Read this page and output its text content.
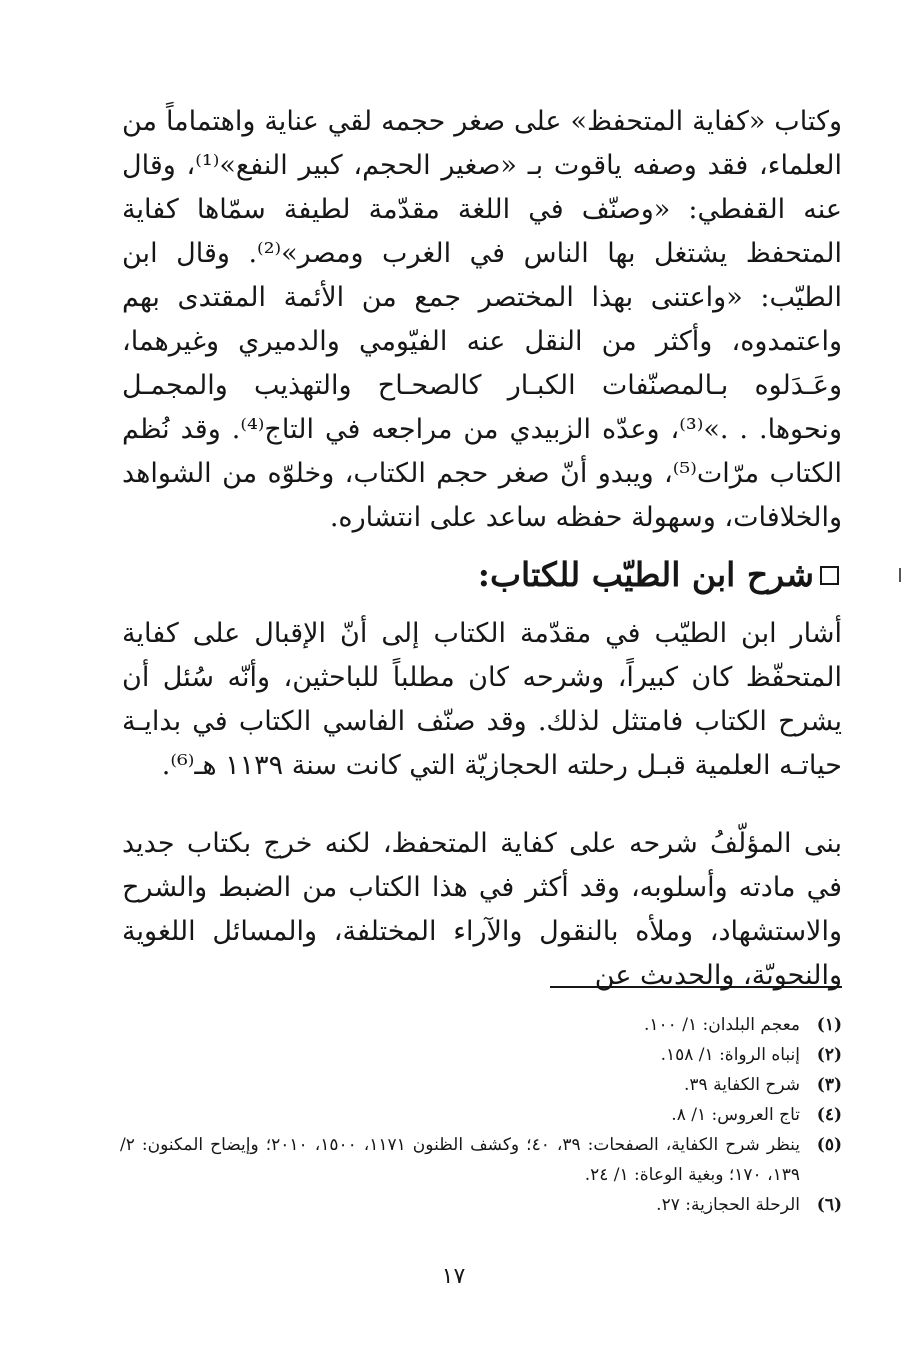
وكتاب «كفاية المتحفظ» على صغر حجمه لقي عناية واهتماماً من العلماء، فقد وصفه ياقوت بـ «صغير الحجم، كبير النفع»⁽¹⁾، وقال عنه القفطي: «وصنّف في اللغة مقدّمة لطيفة سمّاها كفاية المتحفظ يشتغل بها الناس في الغرب ومصر»⁽²⁾. وقال ابن الطيّب: «واعتنى بهذا المختصر جمع من الأئمة المقتدى بهم واعتمدوه، وأكثر من النقل عنه الفيّومي والدميري وغيرهما، وعَـدَلوه بـالمصنّفات الكبـار كالصحـاح والتهذيب والمجمـل ونحوها. . .»⁽³⁾، وعدّه الزبيدي من مراجعه في التاج⁽⁴⁾. وقد نُظم الكتاب مرّات⁽⁵⁾، ويبدو أنّ صغر حجم الكتاب، وخلوّه من الشواهد والخلافات، وسهولة حفظه ساعد على انتشاره.

شرح ابن الطيّب للكتاب:

أشار ابن الطيّب في مقدّمة الكتاب إلى أنّ الإقبال على كفاية المتحفّظ كان كبيراً، وشرحه كان مطلباً للباحثين، وأنّه سُئل أن يشرح الكتاب فامتثل لذلك. وقد صنّف الفاسي الكتاب في بدايـة حياتـه العلمية قبـل رحلته الحجازيّة التي كانت سنة ١١٣٩ هـ⁽⁶⁾.

بنى المؤلّفُ شرحه على كفاية المتحفظ، لكنه خرج بكتاب جديد في مادته وأسلوبه، وقد أكثر في هذا الكتاب من الضبط والشرح والاستشهاد، وملأه بالنقول والآراء المختلفة، والمسائل اللغوية والنحويّة، والحديث عن

(١)
معجم البلدان: ١/ ١٠٠.
(٢)
إنباه الرواة: ١/ ١٥٨.
(٣)
شرح الكفاية ٣٩.
(٤)
تاج العروس: ١/ ٨.
(٥)
ينظر شرح الكفاية، الصفحات: ٣٩، ٤٠؛ وكشف الظنون ١١٧١، ١٥٠٠، ٢٠١٠؛ وإيضاح المكنون: ٢/ ١٣٩، ١٧٠؛ وبغية الوعاة: ١/ ٢٤.
(٦)
الرحلة الحجازية: ٢٧.
١٧
